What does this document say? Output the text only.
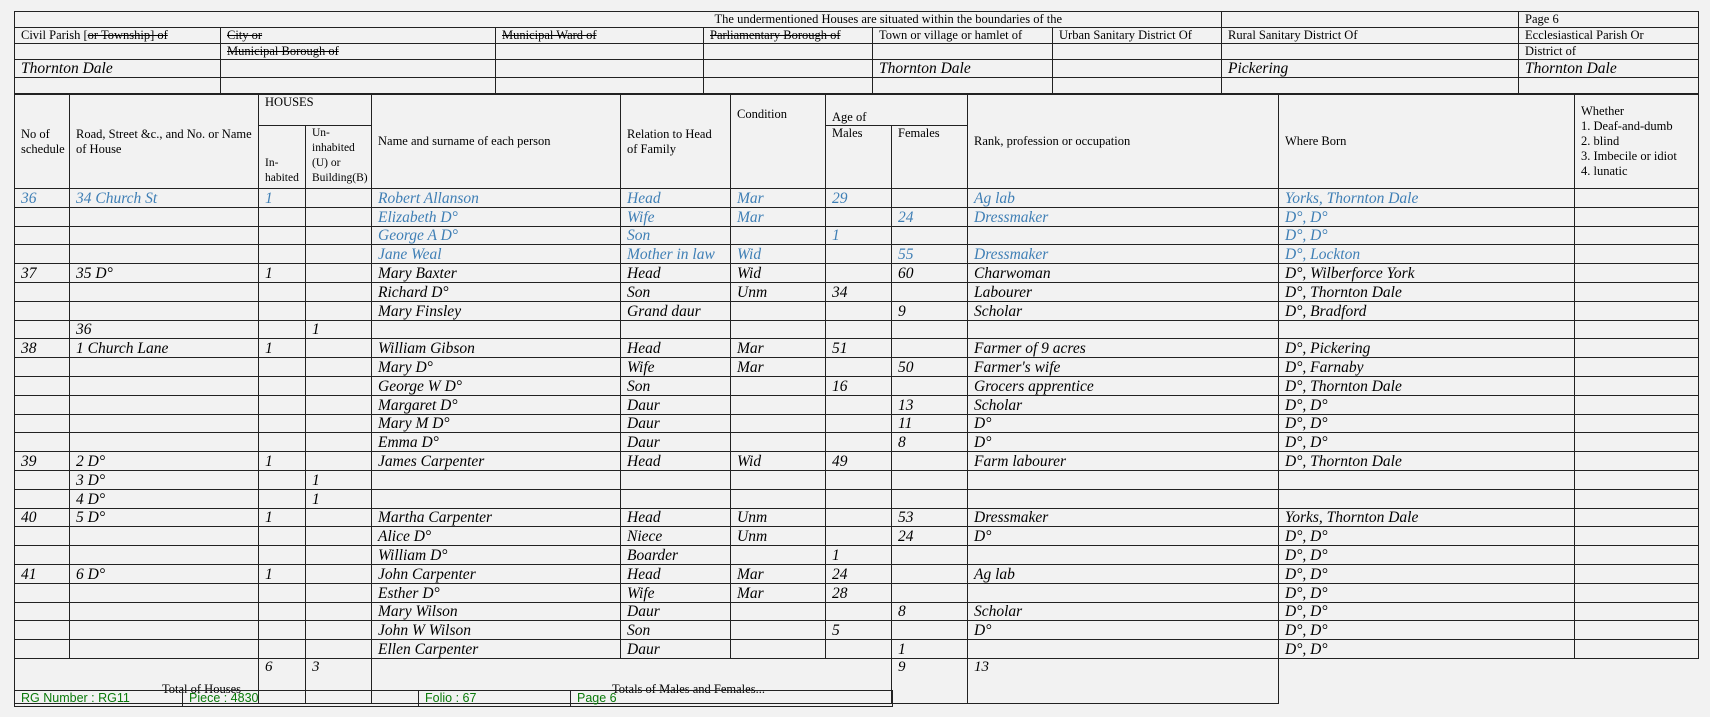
The undermentioned Houses are situated within the boundaries of the							Page 6
Civil Parish [or Township] of	City or	Municipal Ward of	Parliamentary Borough of	Town or village or hamlet of	Urban Sanitary District Of	Rural Sanitary District Of	Ecclesiastical Parish Or
	Municipal Borough of						District of
Thornton Dale				Thornton Dale		Pickering	Thornton Dale

No of schedule	Road, Street &c., and No. or Name of House	HOUSES		Name and surname of each person	Relation to Head of Family	Condition	Age of		Rank, profession or occupation	Where Born	Whether
1. Deaf-and-dumb
2. blind
3. Imbecile or idiot
4. lunatic

		In- habited	Un- inhabited (U) or Building(B)				Males	Females			
36	34 Church St	1		Robert Allanson	Head	Mar	29		Ag lab	Yorks, Thornton Dale	
				Elizabeth D°	Wife	Mar		24	Dressmaker	D°, D°	
				George A D°	Son		1			D°, D°	
				Jane Weal	Mother in law	Wid		55	Dressmaker	D°, Lockton	
37	35 D°	1		Mary Baxter	Head	Wid		60	Charwoman	D°, Wilberforce York	
				Richard D°	Son	Unm	34		Labourer	D°, Thornton Dale	
				Mary Finsley	Grand daur			9	Scholar	D°, Bradford	
	36		1								
38	1 Church Lane	1		William Gibson	Head	Mar	51		Farmer of 9 acres	D°, Pickering	
				Mary D°	Wife	Mar		50	Farmer's wife	D°, Farnaby	
				George W D°	Son		16		Grocers apprentice	D°, Thornton Dale	
				Margaret D°	Daur			13	Scholar	D°, D°	
				Mary M D°	Daur			11	D°	D°, D°	
				Emma D°	Daur			8	D°	D°, D°	
39	2 D°	1		James Carpenter	Head	Wid	49		Farm labourer	D°, Thornton Dale	
	3 D°		1								
	4 D°		1								
40	5 D°	1		Martha Carpenter	Head	Unm		53	Dressmaker	Yorks, Thornton Dale	
				Alice D°	Niece	Unm		24	D°	D°, D°	
				William D°	Boarder		1			D°, D°	
41	6 D°	1		John Carpenter	Head	Mar	24		Ag lab	D°, D°	
				Esther D°	Wife	Mar	28			D°, D°	
				Mary Wilson	Daur			8	Scholar	D°, D°	
				John W Wilson	Son		5		D°	D°, D°	
				Ellen Carpenter	Daur			1		D°, D°	
Total of Houses		6	3	Totals of Males and Females...				9	13		
RG Number : RG11	Piece : 4830	Folio : 67	Page 6
